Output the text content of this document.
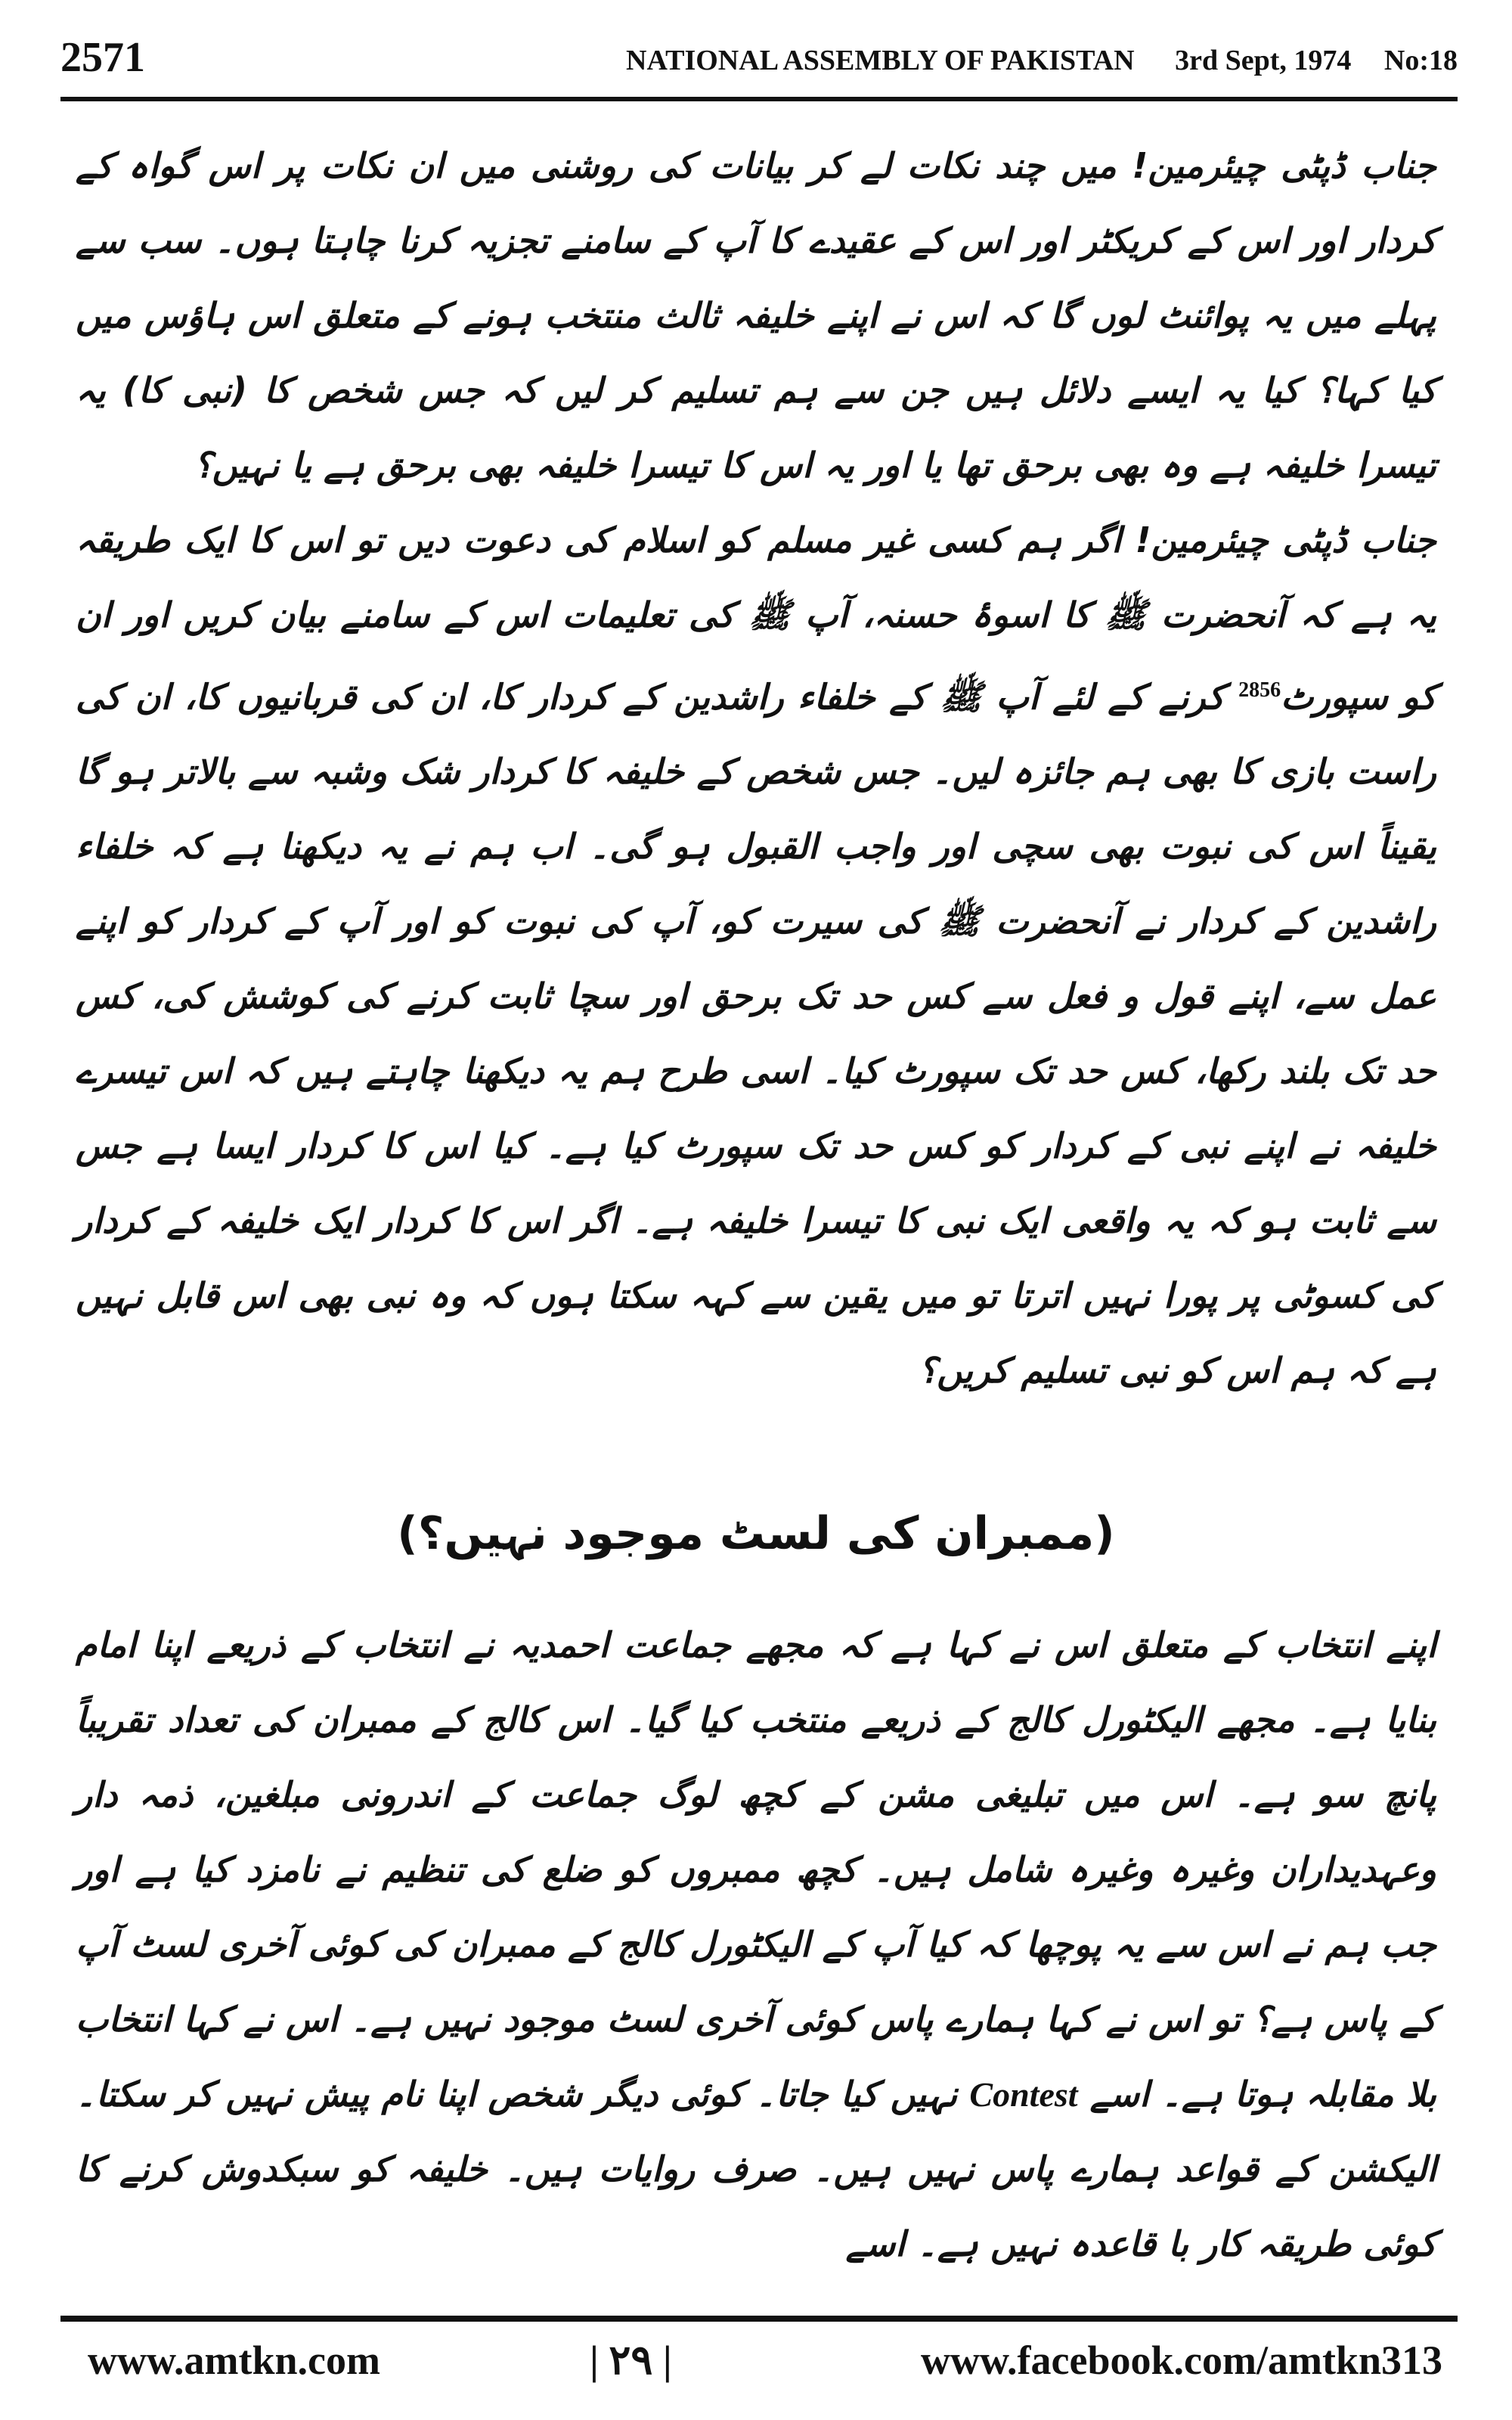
2571	NATIONAL ASSEMBLY OF PAKISTAN 3rd Sept, 1974 No:18

جناب ڈپٹی چیئرمین! میں چند نکات لے کر بیانات کی روشنی میں ان نکات پر اس گواہ کے کردار اور اس کے کریکٹر اور اس کے عقیدے کا آپ کے سامنے تجزیہ کرنا چاہتا ہوں۔ سب سے پہلے میں یہ پوائنٹ لوں گا کہ اس نے اپنے خلیفہ ثالث منتخب ہونے کے متعلق اس ہاؤس میں کیا کہا؟ کیا یہ ایسے دلائل ہیں جن سے ہم تسلیم کر لیں کہ جس شخص کا (نبی کا) یہ تیسرا خلیفہ ہے وہ بھی برحق تھا یا اور یہ اس کا تیسرا خلیفہ بھی برحق ہے یا نہیں؟

جناب ڈپٹی چیئرمین! اگر ہم کسی غیر مسلم کو اسلام کی دعوت دیں تو اس کا ایک طریقہ یہ ہے کہ آنحضرت ﷺ کا اسوۂ حسنہ، آپ ﷺ کی تعلیمات اس کے سامنے بیان کریں اور ان کو سپورٹ$^{2856}$ کرنے کے لئے آپ ﷺ کے خلفاء راشدین کے کردار کا، ان کی قربانیوں کا، ان کی راست بازی کا بھی ہم جائزہ لیں۔ جس شخص کے خلیفہ کا کردار شک وشبہ سے بالاتر ہو گا یقیناً اس کی نبوت بھی سچی اور واجب القبول ہو گی۔ اب ہم نے یہ دیکھنا ہے کہ خلفاء راشدین کے کردار نے آنحضرت ﷺ کی سیرت کو، آپ کی نبوت کو اور آپ کے کردار کو اپنے عمل سے، اپنے قول و فعل سے کس حد تک برحق اور سچا ثابت کرنے کی کوشش کی، کس حد تک بلند رکھا، کس حد تک سپورٹ کیا۔ اسی طرح ہم یہ دیکھنا چاہتے ہیں کہ اس تیسرے خلیفہ نے اپنے نبی کے کردار کو کس حد تک سپورٹ کیا ہے۔ کیا اس کا کردار ایسا ہے جس سے ثابت ہو کہ یہ واقعی ایک نبی کا تیسرا خلیفہ ہے۔ اگر اس کا کردار ایک خلیفہ کے کردار کی کسوٹی پر پورا نہیں اترتا تو میں یقین سے کہہ سکتا ہوں کہ وہ نبی بھی اس قابل نہیں ہے کہ ہم اس کو نبی تسلیم کریں؟

(ممبران کی لسٹ موجود نہیں؟)

اپنے انتخاب کے متعلق اس نے کہا ہے کہ مجھے جماعت احمدیہ نے انتخاب کے ذریعے اپنا امام بنایا ہے۔ مجھے الیکٹورل کالج کے ذریعے منتخب کیا گیا۔ اس کالج کے ممبران کی تعداد تقریباً پانچ سو ہے۔ اس میں تبلیغی مشن کے کچھ لوگ جماعت کے اندرونی مبلغین، ذمہ دار وعہدیداران وغیرہ وغیرہ شامل ہیں۔ کچھ ممبروں کو ضلع کی تنظیم نے نامزد کیا ہے اور جب ہم نے اس سے یہ پوچھا کہ کیا آپ کے الیکٹورل کالج کے ممبران کی کوئی آخری لسٹ آپ کے پاس ہے؟ تو اس نے کہا ہمارے پاس کوئی آخری لسٹ موجود نہیں ہے۔ اس نے کہا انتخاب بلا مقابلہ ہوتا ہے۔ اسے Contest نہیں کیا جاتا۔ کوئی دیگر شخص اپنا نام پیش نہیں کر سکتا۔ الیکشن کے قواعد ہمارے پاس نہیں ہیں۔ صرف روایات ہیں۔ خلیفہ کو سبکدوش کرنے کا کوئی طریقہ کار با قاعدہ نہیں ہے۔ اسے

www.amtkn.com	| ۲۹ |	www.facebook.com/amtkn313
